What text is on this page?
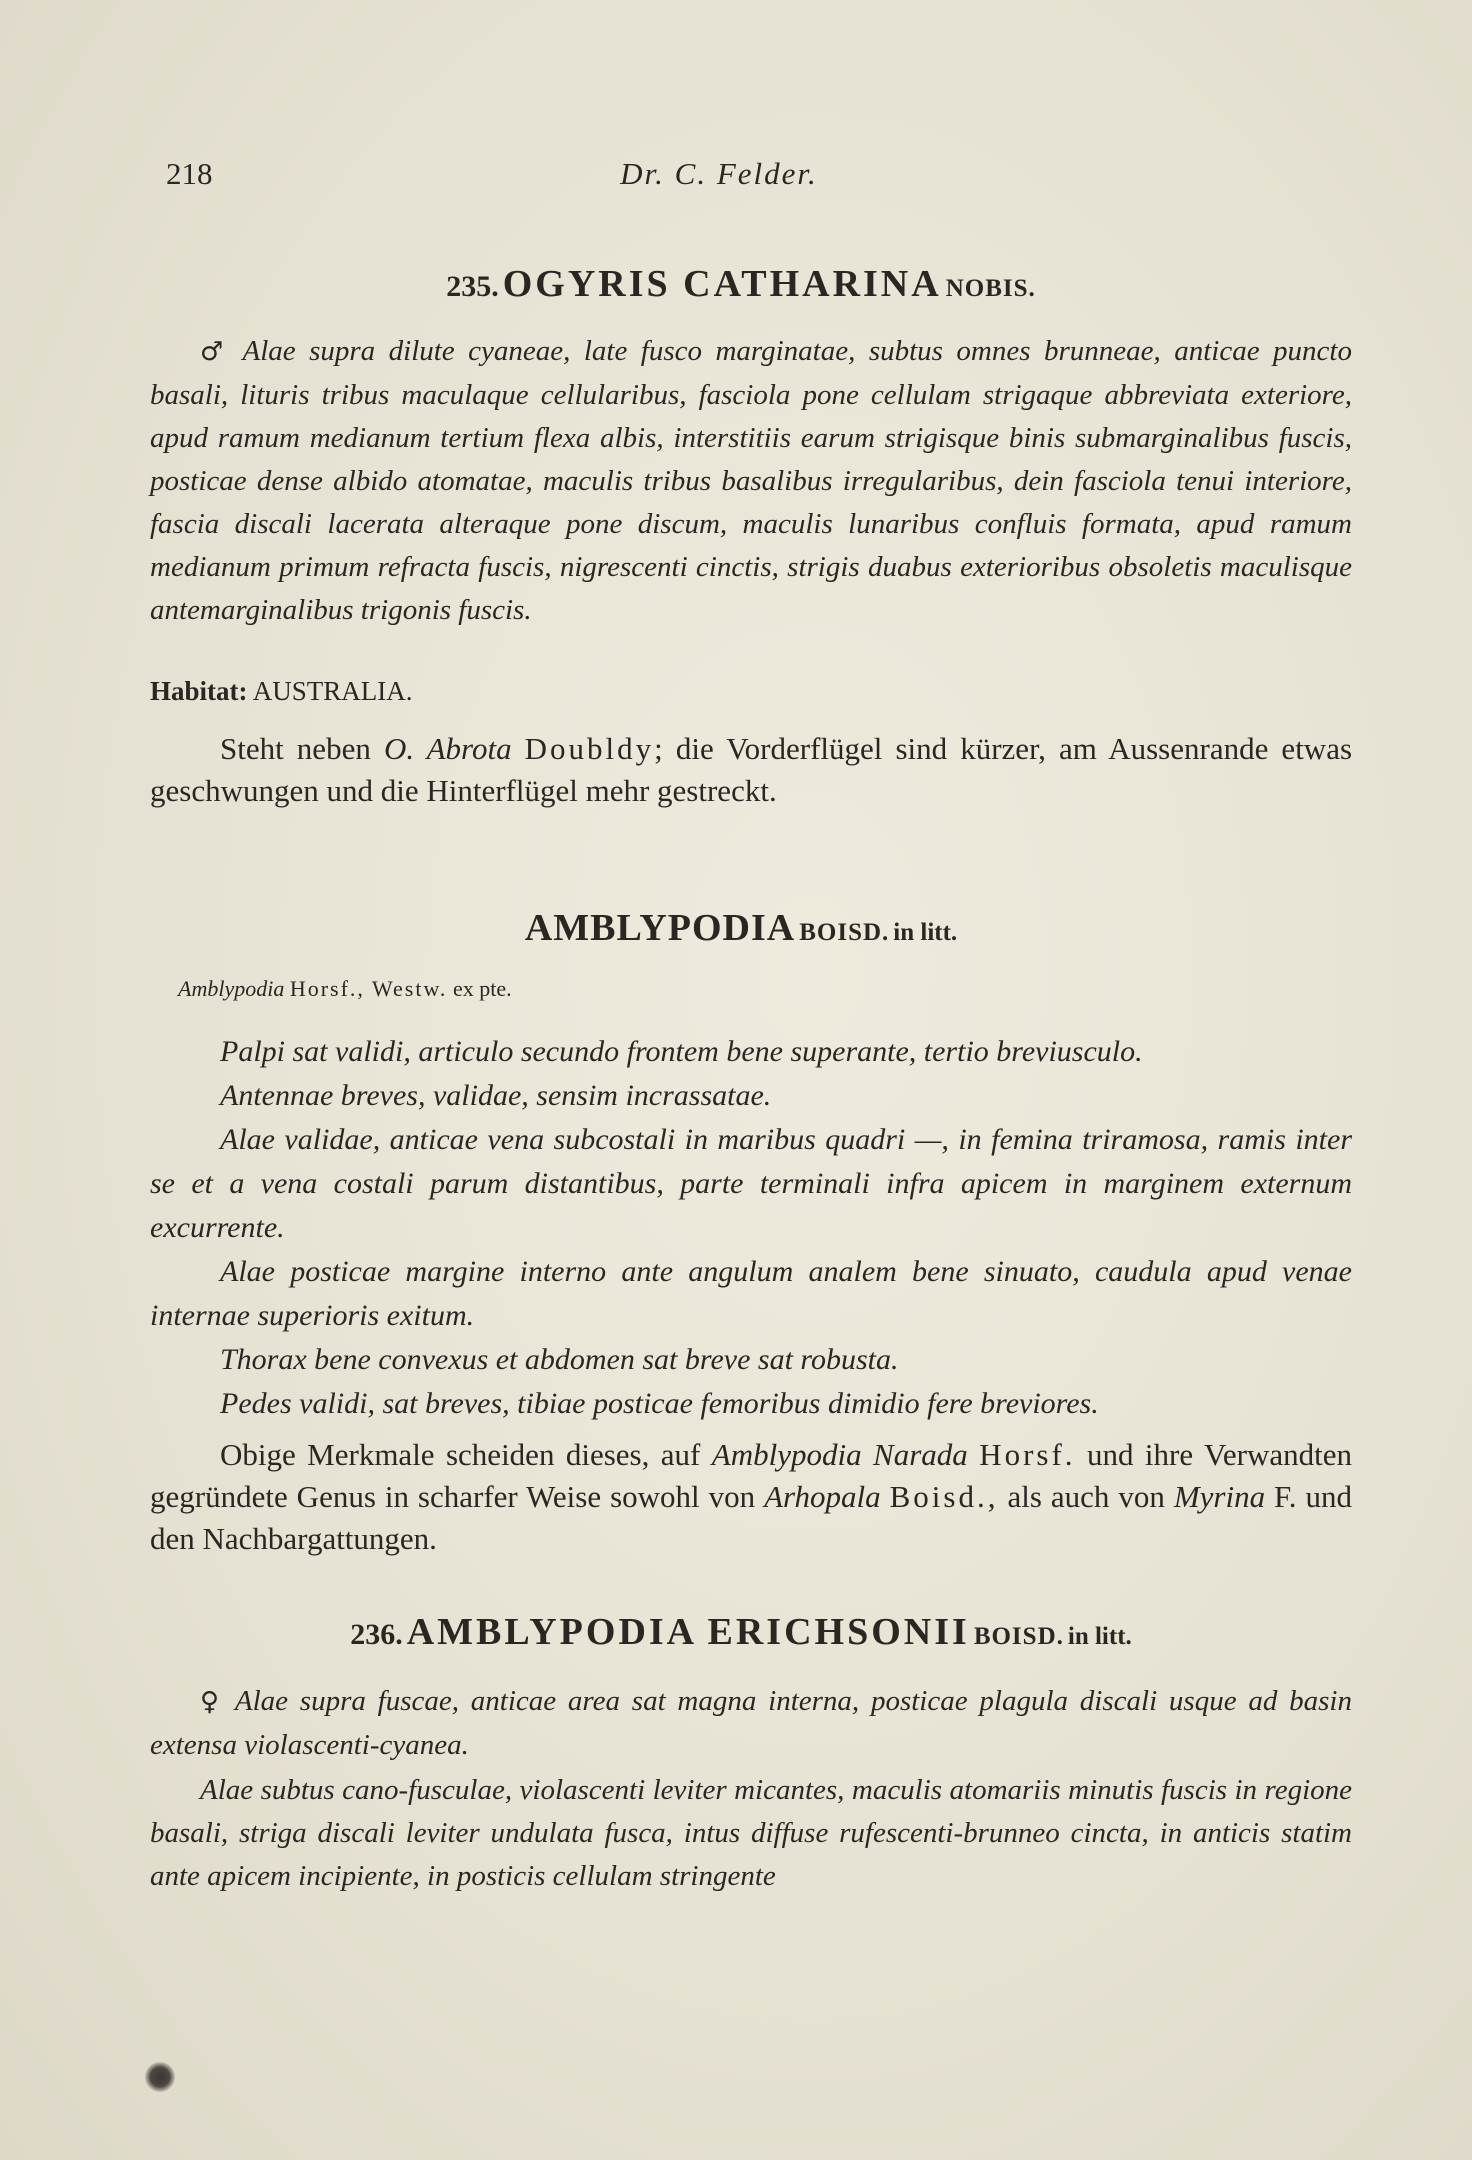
218	Dr. C. Felder.
235. OGYRIS CATHARINA NOBIS.

♂ Alae supra dilute cyaneae, late fusco marginatae, subtus omnes brunneae, anticae puncto basali, lituris tribus maculaque cellularibus, fasciola pone cellulam strigaque abbreviata exteriore, apud ramum medianum tertium flexa albis, interstitiis earum strigisque binis submarginalibus fuscis, posticae dense albido atomatae, maculis tribus basalibus irregularibus, dein fasciola tenui interiore, fascia discali lacerata alteraque pone discum, maculis lunaribus confluis formata, apud ramum medianum primum refracta fuscis, nigrescenti cinctis, strigis duabus exterioribus obsoletis maculisque antemarginalibus trigonis fuscis.

Habitat: AUSTRALIA.

Steht neben O. Abrota Doubldy; die Vorderflügel sind kürzer, am Aussenrande etwas geschwungen und die Hinterflügel mehr gestreckt.

AMBLYPODIA BOISD. in litt.
Amblypodia Horsf., Westw. ex pte.

Palpi sat validi, articulo secundo frontem bene superante, tertio breviusculo.

Antennae breves, validae, sensim incrassatae.

Alae validae, anticae vena subcostali in maribus quadri —, in femina triramosa, ramis inter se et a vena costali parum distantibus, parte terminali infra apicem in marginem externum excurrente.

Alae posticae margine interno ante angulum analem bene sinuato, caudula apud venae internae superioris exitum.

Thorax bene convexus et abdomen sat breve sat robusta.

Pedes validi, sat breves, tibiae posticae femoribus dimidio fere breviores.

Obige Merkmale scheiden dieses, auf Amblypodia Narada Horsf. und ihre Verwandten gegründete Genus in scharfer Weise sowohl von Arhopala Boisd., als auch von Myrina F. und den Nachbargattungen.

236. AMBLYPODIA ERICHSONII BOISD. in litt.

♀ Alae supra fuscae, anticae area sat magna interna, posticae plagula discali usque ad basin extensa violascenti-cyanea.

Alae subtus cano-fusculae, violascenti leviter micantes, maculis atomariis minutis fuscis in regione basali, striga discali leviter undulata fusca, intus diffuse rufescenti-brunneo cincta, in anticis statim ante apicem incipiente, in posticis cellulam stringente
